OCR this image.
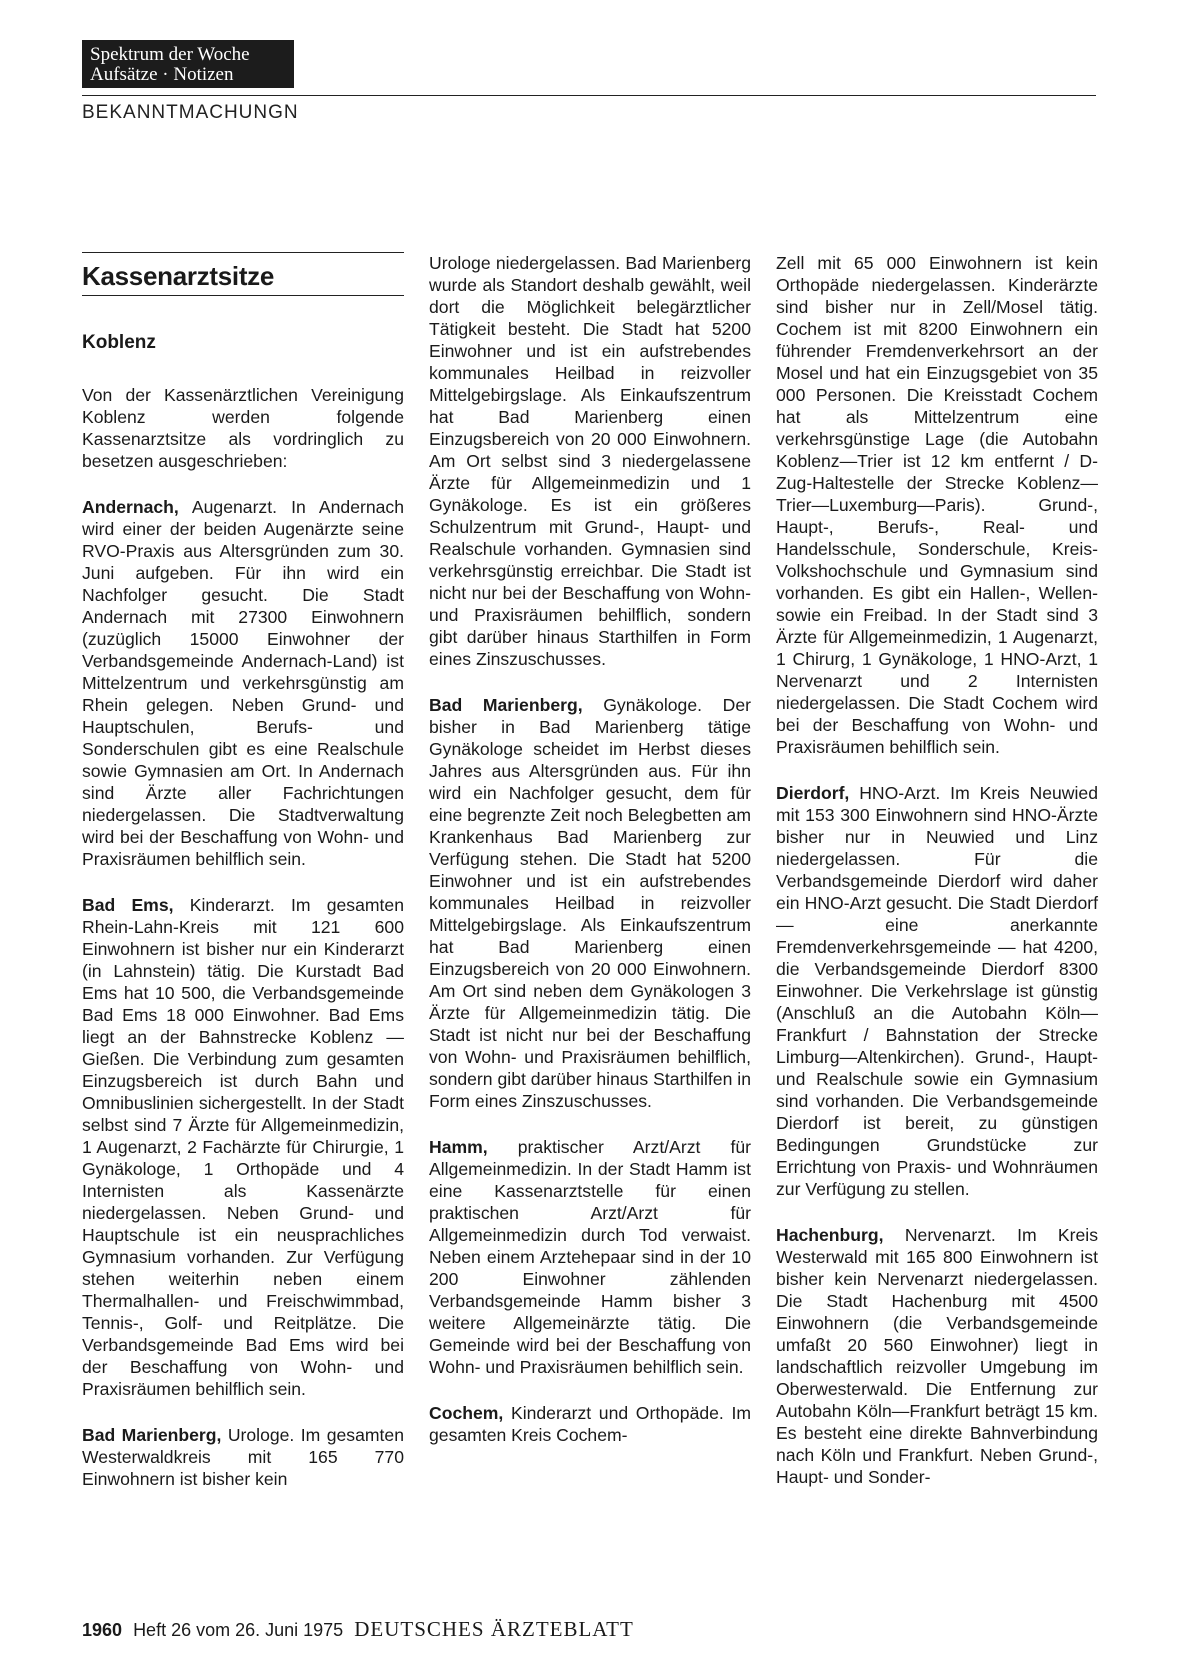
Spektrum der Woche
Aufsätze · Notizen
BEKANNTMACHUNGN
Kassenarztsitze
Koblenz

Von der Kassenärztlichen Vereinigung Koblenz werden folgende Kassenarztsitze als vordringlich zu besetzen ausgeschrieben:

Andernach, Augenarzt. In Andernach wird einer der beiden Augenärzte seine RVO-Praxis aus Altersgründen zum 30. Juni aufgeben. Für ihn wird ein Nachfolger gesucht. Die Stadt Andernach mit 27300 Einwohnern (zuzüglich 15000 Einwohner der Verbandsgemeinde Andernach-Land) ist Mittelzentrum und verkehrsgünstig am Rhein gelegen. Neben Grund- und Hauptschulen, Berufs- und Sonderschulen gibt es eine Realschule sowie Gymnasien am Ort. In Andernach sind Ärzte aller Fachrichtungen niedergelassen. Die Stadtverwaltung wird bei der Beschaffung von Wohn- und Praxisräumen behilflich sein.

Bad Ems, Kinderarzt. Im gesamten Rhein-Lahn-Kreis mit 121 600 Einwohnern ist bisher nur ein Kinderarzt (in Lahnstein) tätig. Die Kurstadt Bad Ems hat 10 500, die Verbandsgemeinde Bad Ems 18 000 Einwohner. Bad Ems liegt an der Bahnstrecke Koblenz — Gießen. Die Verbindung zum gesamten Einzugsbereich ist durch Bahn und Omnibuslinien sichergestellt. In der Stadt selbst sind 7 Ärzte für Allgemeinmedizin, 1 Augenarzt, 2 Fachärzte für Chirurgie, 1 Gynäkologe, 1 Orthopäde und 4 Internisten als Kassenärzte niedergelassen. Neben Grund- und Hauptschule ist ein neusprachliches Gymnasium vorhanden. Zur Verfügung stehen weiterhin neben einem Thermalhallen- und Freischwimmbad, Tennis-, Golf- und Reitplätze. Die Verbandsgemeinde Bad Ems wird bei der Beschaffung von Wohn- und Praxisräumen behilflich sein.

Bad Marienberg, Urologe. Im gesamten Westerwaldkreis mit 165 770 Einwohnern ist bisher kein

Urologe niedergelassen. Bad Marienberg wurde als Standort deshalb gewählt, weil dort die Möglichkeit belegärztlicher Tätigkeit besteht. Die Stadt hat 5200 Einwohner und ist ein aufstrebendes kommunales Heilbad in reizvoller Mittelgebirgslage. Als Einkaufszentrum hat Bad Marienberg einen Einzugsbereich von 20 000 Einwohnern. Am Ort selbst sind 3 niedergelassene Ärzte für Allgemeinmedizin und 1 Gynäkologe. Es ist ein größeres Schulzentrum mit Grund-, Haupt- und Realschule vorhanden. Gymnasien sind verkehrsgünstig erreichbar. Die Stadt ist nicht nur bei der Beschaffung von Wohn- und Praxisräumen behilflich, sondern gibt darüber hinaus Starthilfen in Form eines Zinszuschusses.

Bad Marienberg, Gynäkologe. Der bisher in Bad Marienberg tätige Gynäkologe scheidet im Herbst dieses Jahres aus Altersgründen aus. Für ihn wird ein Nachfolger gesucht, dem für eine begrenzte Zeit noch Belegbetten am Krankenhaus Bad Marienberg zur Verfügung stehen. Die Stadt hat 5200 Einwohner und ist ein aufstrebendes kommunales Heilbad in reizvoller Mittelgebirgslage. Als Einkaufszentrum hat Bad Marienberg einen Einzugsbereich von 20 000 Einwohnern. Am Ort sind neben dem Gynäkologen 3 Ärzte für Allgemeinmedizin tätig. Die Stadt ist nicht nur bei der Beschaffung von Wohn- und Praxisräumen behilflich, sondern gibt darüber hinaus Starthilfen in Form eines Zinszuschusses.

Hamm, praktischer Arzt/Arzt für Allgemeinmedizin. In der Stadt Hamm ist eine Kassenarztstelle für einen praktischen Arzt/Arzt für Allgemeinmedizin durch Tod verwaist. Neben einem Arztehepaar sind in der 10 200 Einwohner zählenden Verbandsgemeinde Hamm bisher 3 weitere Allgemeinärzte tätig. Die Gemeinde wird bei der Beschaffung von Wohn- und Praxisräumen behilflich sein.

Cochem, Kinderarzt und Orthopäde. Im gesamten Kreis Cochem-

Zell mit 65 000 Einwohnern ist kein Orthopäde niedergelassen. Kinderärzte sind bisher nur in Zell/Mosel tätig. Cochem ist mit 8200 Einwohnern ein führender Fremdenverkehrsort an der Mosel und hat ein Einzugsgebiet von 35 000 Personen. Die Kreisstadt Cochem hat als Mittelzentrum eine verkehrsgünstige Lage (die Autobahn Koblenz—Trier ist 12 km entfernt / D-Zug-Haltestelle der Strecke Koblenz—Trier—Luxemburg—Paris). Grund-, Haupt-, Berufs-, Real- und Handelsschule, Sonderschule, Kreis-Volkshochschule und Gymnasium sind vorhanden. Es gibt ein Hallen-, Wellen- sowie ein Freibad. In der Stadt sind 3 Ärzte für Allgemeinmedizin, 1 Augenarzt, 1 Chirurg, 1 Gynäkologe, 1 HNO-Arzt, 1 Nervenarzt und 2 Internisten niedergelassen. Die Stadt Cochem wird bei der Beschaffung von Wohn- und Praxisräumen behilflich sein.

Dierdorf, HNO-Arzt. Im Kreis Neuwied mit 153 300 Einwohnern sind HNO-Ärzte bisher nur in Neuwied und Linz niedergelassen. Für die Verbandsgemeinde Dierdorf wird daher ein HNO-Arzt gesucht. Die Stadt Dierdorf — eine anerkannte Fremdenverkehrsgemeinde — hat 4200, die Verbandsgemeinde Dierdorf 8300 Einwohner. Die Verkehrslage ist günstig (Anschluß an die Autobahn Köln—Frankfurt / Bahnstation der Strecke Limburg—Altenkirchen). Grund-, Haupt- und Realschule sowie ein Gymnasium sind vorhanden. Die Verbandsgemeinde Dierdorf ist bereit, zu günstigen Bedingungen Grundstücke zur Errichtung von Praxis- und Wohnräumen zur Verfügung zu stellen.

Hachenburg, Nervenarzt. Im Kreis Westerwald mit 165 800 Einwohnern ist bisher kein Nervenarzt niedergelassen. Die Stadt Hachenburg mit 4500 Einwohnern (die Verbandsgemeinde umfaßt 20 560 Einwohner) liegt in landschaftlich reizvoller Umgebung im Oberwesterwald. Die Entfernung zur Autobahn Köln—Frankfurt beträgt 15 km. Es besteht eine direkte Bahnverbindung nach Köln und Frankfurt. Neben Grund-, Haupt- und Sonder-

1960 Heft 26 vom 26. Juni 1975 DEUTSCHES ÄRZTEBLATT
